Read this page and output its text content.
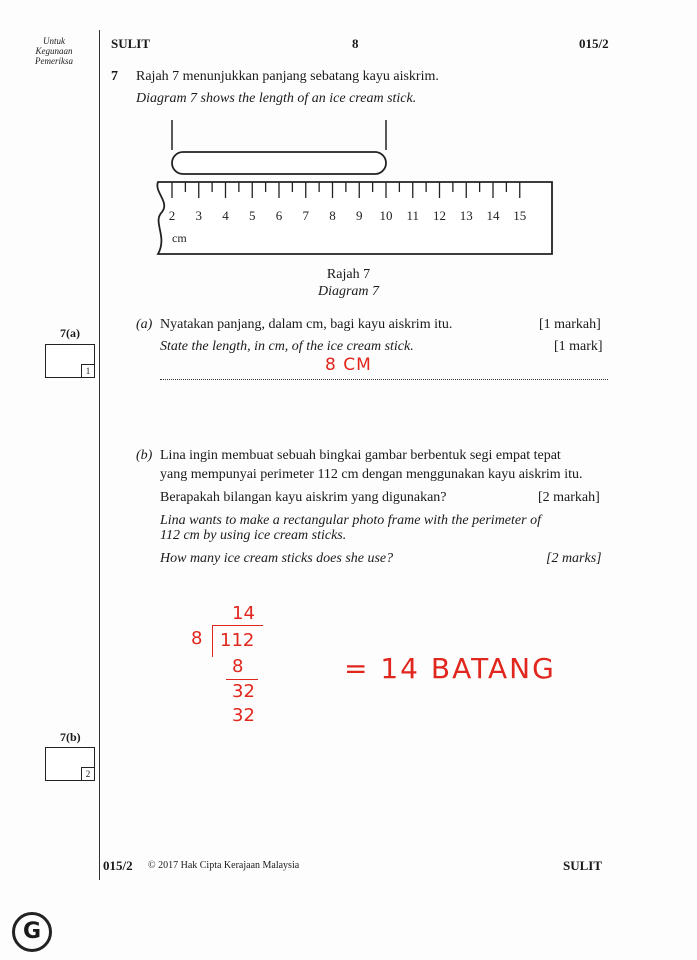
Untuk
Kegunaan
Pemeriksa
SULIT	8	015/2
7 Rajah 7 menunjukkan panjang sebatang kayu aiskrim.
Diagram 7 shows the length of an ice cream stick.
2 3 4 5 6 7 8 9 10 11 12 13 14 15
cm
Rajah 7
Diagram 7
(a) Nyatakan panjang, dalam cm, bagi kayu aiskrim itu.	[1 markah]
State the length, in cm, of the ice cream stick.	[1 mark]
8 CM
7(a)
1
(b) Lina ingin membuat sebuah bingkai gambar berbentuk segi empat tepat
yang mempunyai perimeter 112 cm dengan menggunakan kayu aiskrim itu.
Berapakah bilangan kayu aiskrim yang digunakan?	[2 markah]
Lina wants to make a rectangular photo frame with the perimeter of
112 cm by using ice cream sticks.
How many ice cream sticks does she use?	[2 marks]
14
8 112
8
32
32
= 14 BATANG
7(b)
2
015/2 © 2017 Hak Cipta Kerajaan Malaysia	SULIT
G
